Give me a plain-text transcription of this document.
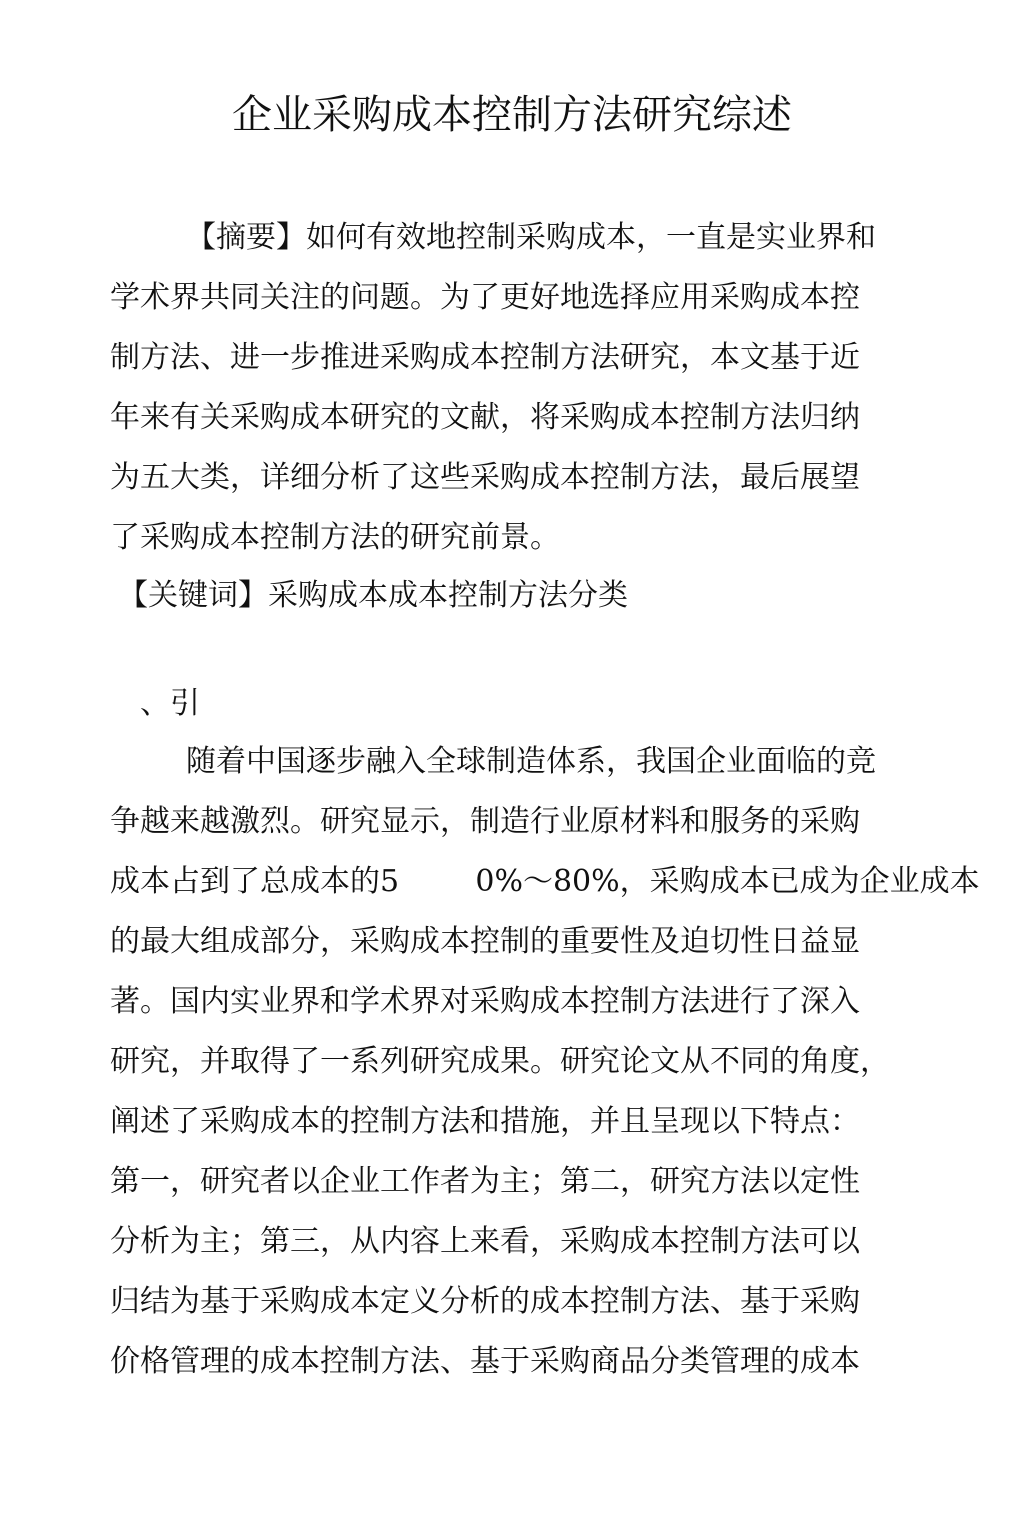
企业采购成本控制方法研究综述
【摘要】如何有效地控制采购成本，一直是实业界和
学术界共同关注的问题。为了更好地选择应用采购成本控
制方法、进一步推进采购成本控制方法研究，本文基于近
年来有关采购成本研究的文献，将采购成本控制方法归纳
为五大类，详细分析了这些采购成本控制方法，最后展望
了采购成本控制方法的研究前景。
【关键词】采购成本成本控制方法分类
、引
随着中国逐步融入全球制造体系，我国企业面临的竞
争越来越激烈。研究显示，制造行业原材料和服务的采购
成本占到了总成本的5        0%～80%，采购成本已成为企业成本
的最大组成部分，采购成本控制的重要性及迫切性日益显
著。国内实业界和学术界对采购成本控制方法进行了深入
研究，并取得了一系列研究成果。研究论文从不同的角度，
阐述了采购成本的控制方法和措施，并且呈现以下特点：
第一，研究者以企业工作者为主；第二，研究方法以定性
分析为主；第三，从内容上来看，采购成本控制方法可以
归结为基于采购成本定义分析的成本控制方法、基于采购
价格管理的成本控制方法、基于采购商品分类管理的成本
